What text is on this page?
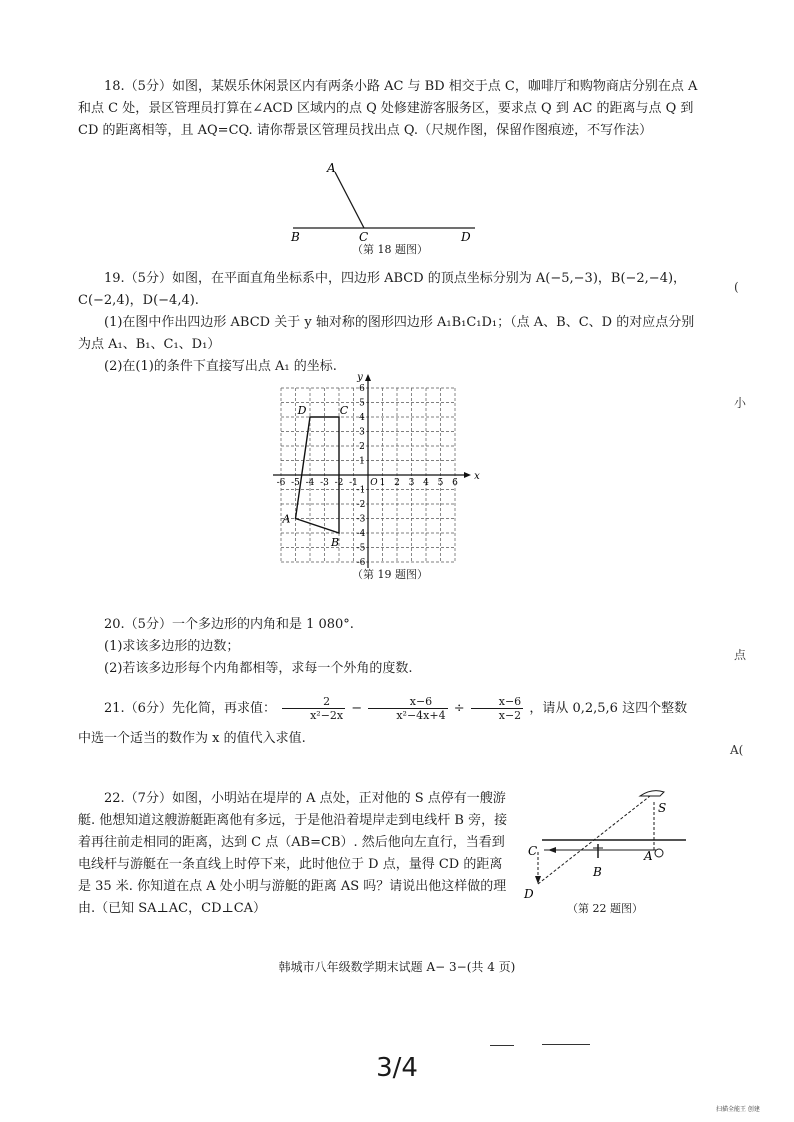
18.（5分）如图，某娱乐休闲景区内有两条小路 AC 与 BD 相交于点 C，咖啡厅和购物商店分别在点 A 和点 C 处，景区管理员打算在∠ACD 区域内的点 Q 处修建游客服务区，要求点 Q 到 AC 的距离与点 Q 到 CD 的距离相等，且 AQ=CQ. 请你帮景区管理员找出点 Q.（尺规作图，保留作图痕迹，不写作法）

A
B	C	D
（第 18 题图）

19.（5分）如图，在平面直角坐标系中，四边形 ABCD 的顶点坐标分别为 A(−5,−3)，B(−2,−4)，C(−2,4)，D(−4,4).

(1)在图中作出四边形 ABCD 关于 y 轴对称的图形四边形 A₁B₁C₁D₁；（点 A、B、C、D 的对应点分别为点 A₁、B₁、C₁、D₁）

(2)在(1)的条件下直接写出点 A₁ 的坐标.

1
-1
1
-1
2
-2
2
-2
3
-3
3
-3
4
-4
4
-4
5
-5
5
-5
6
-6
6
-6
O
x
y
A
B
C
D
（第 19 题图）

20.（5分）一个多边形的内角和是 1 080°.

(1)求该多边形的边数；

(2)若该多边形每个内角都相等，求每一个外角的度数.

21.（6分）先化简，再求值： $\frac{2}{\text{x²−2x}} - \frac{x-6}{\text{x²−4x+4}} \div \frac{x-6}{x-2}$ ，请从 0,2,5,6 这四个整数中选一个适当的数作为 x 的值代入求值.

22.（7分）如图，小明站在堤岸的 A 点处，正对他的 S 点停有一艘游艇. 他想知道这艘游艇距离他有多远，于是他沿着堤岸走到电线杆 B 旁，接着再往前走相同的距离，达到 C 点（AB=CB）. 然后他向左直行，当看到电线杆与游艇在一条直线上时停下来，此时他位于 D 点，量得 CD 的距离是 35 米. 你知道在点 A 处小明与游艇的距离 AS 吗？请说出他这样做的理由.（已知 SA⊥AC，CD⊥CA）

S
C	A
B
D
（第 22 题图）
韩城市八年级数学期末试题 A− 3−(共 4 页)
3/4
(
小
点
A(
扫描全能王 创建
